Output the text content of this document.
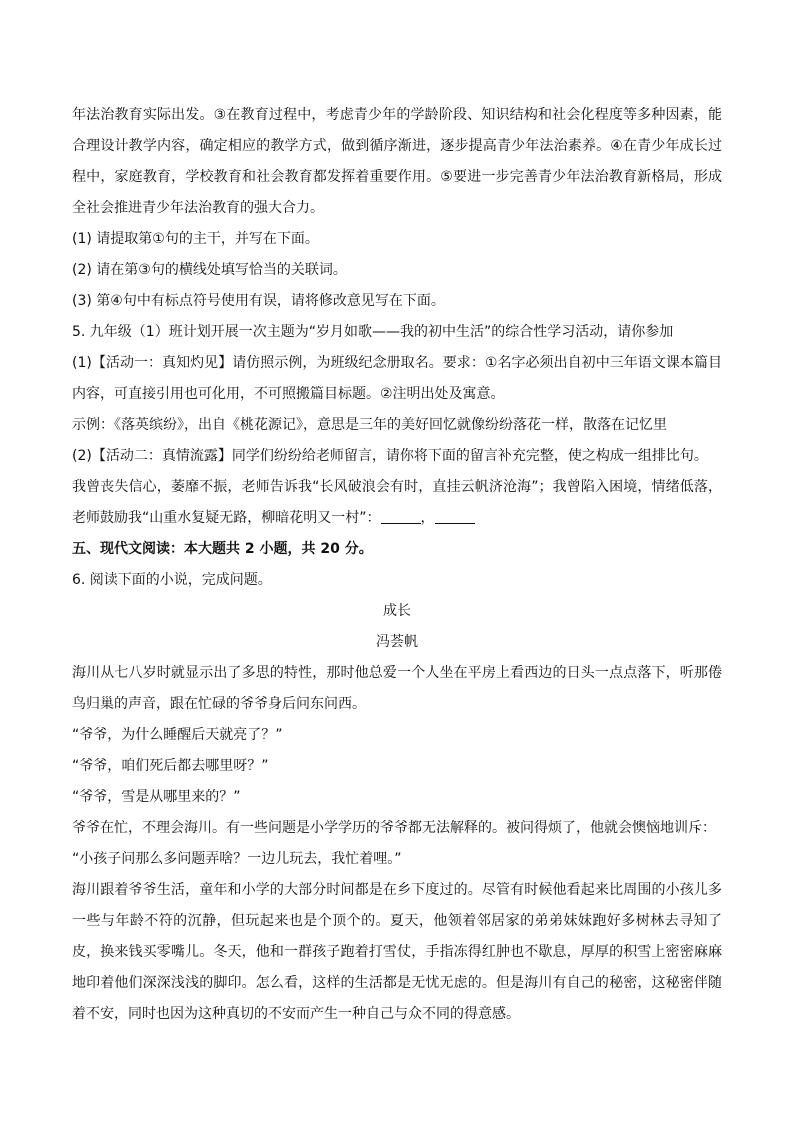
年法治教育实际出发。③在教育过程中，考虑青少年的学龄阶段、知识结构和社会化程度等多种因素，能合理设计教学内容，确定相应的教学方式，做到循序渐进，逐步提高青少年法治素养。④在青少年成长过程中，家庭教育，学校教育和社会教育都发挥着重要作用。⑤要进一步完善青少年法治教育新格局，形成全社会推进青少年法治教育的强大合力。

(1) 请提取第①句的主干，并写在下面。

(2) 请在第③句的横线处填写恰当的关联词。

(3) 第④句中有标点符号使用有误，请将修改意见写在下面。

5. 九年级（1）班计划开展一次主题为“岁月如歌——我的初中生活”的综合性学习活动，请你参加

(1)【活动一：真知灼见】请仿照示例，为班级纪念册取名。要求：①名字必须出自初中三年语文课本篇目内容，可直接引用也可化用，不可照搬篇目标题。②注明出处及寓意。

示例：《落英缤纷》，出自《桃花源记》，意思是三年的美好回忆就像纷纷落花一样，散落在记忆里

(2)【活动二：真情流露】同学们纷纷给老师留言，请你将下面的留言补充完整，使之构成一组排比句。

我曾丧失信心，萎靡不振，老师告诉我“长风破浪会有时，直挂云帆济沧海”；我曾陷入困境，情绪低落，老师鼓励我“山重水复疑无路，柳暗花明又一村”：	，

五、现代文阅读：本大题共 2 小题，共 20 分。

6. 阅读下面的小说，完成问题。

成长

冯荟帆

海川从七八岁时就显示出了多思的特性，那时他总爱一个人坐在平房上看西边的日头一点点落下，听那倦鸟归巢的声音，跟在忙碌的爷爷身后问东问西。

“爷爷，为什么睡醒后天就亮了？”

“爷爷，咱们死后都去哪里呀？”

“爷爷，雪是从哪里来的？”

爷爷在忙，不理会海川。有一些问题是小学学历的爷爷都无法解释的。被问得烦了，他就会懊恼地训斥：

“小孩子问那么多问题弄啥？一边儿玩去，我忙着哩。”

海川跟着爷爷生活，童年和小学的大部分时间都是在乡下度过的。尽管有时候他看起来比周围的小孩儿多一些与年龄不符的沉静，但玩起来也是个顶个的。夏天，他领着邻居家的弟弟妹妹跑好多树林去寻知了皮，换来钱买零嘴儿。冬天，他和一群孩子跑着打雪仗，手指冻得红肿也不歇息，厚厚的积雪上密密麻麻地印着他们深深浅浅的脚印。怎么看，这样的生活都是无忧无虑的。但是海川有自己的秘密，这秘密伴随着不安，同时也因为这种真切的不安而产生一种自己与众不同的得意感。
